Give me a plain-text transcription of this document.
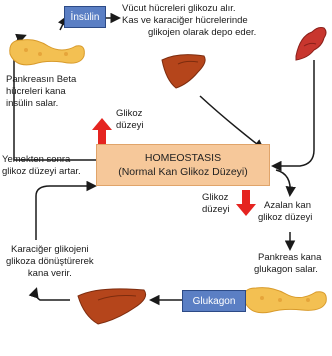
İnsülin
Vücut hücreleri glikozu alır.
Kas ve karaciğer hücrelerinde
glikojen olarak depo eder.
Pankreasın Beta
hücreleri kana
insülin salar.
Glikoz
düzeyi
Yemekten sonra
glikoz düzeyi artar.
HOMEOSTASIS
(Normal Kan Glikoz Düzeyi)
Glikoz
düzeyi	Azalan kan
glikoz düzeyi
Pankreas kana
glukagon salar.
Glukagon
Karaciğer glikojeni
glikoza dönüştürerek
kana verir.
